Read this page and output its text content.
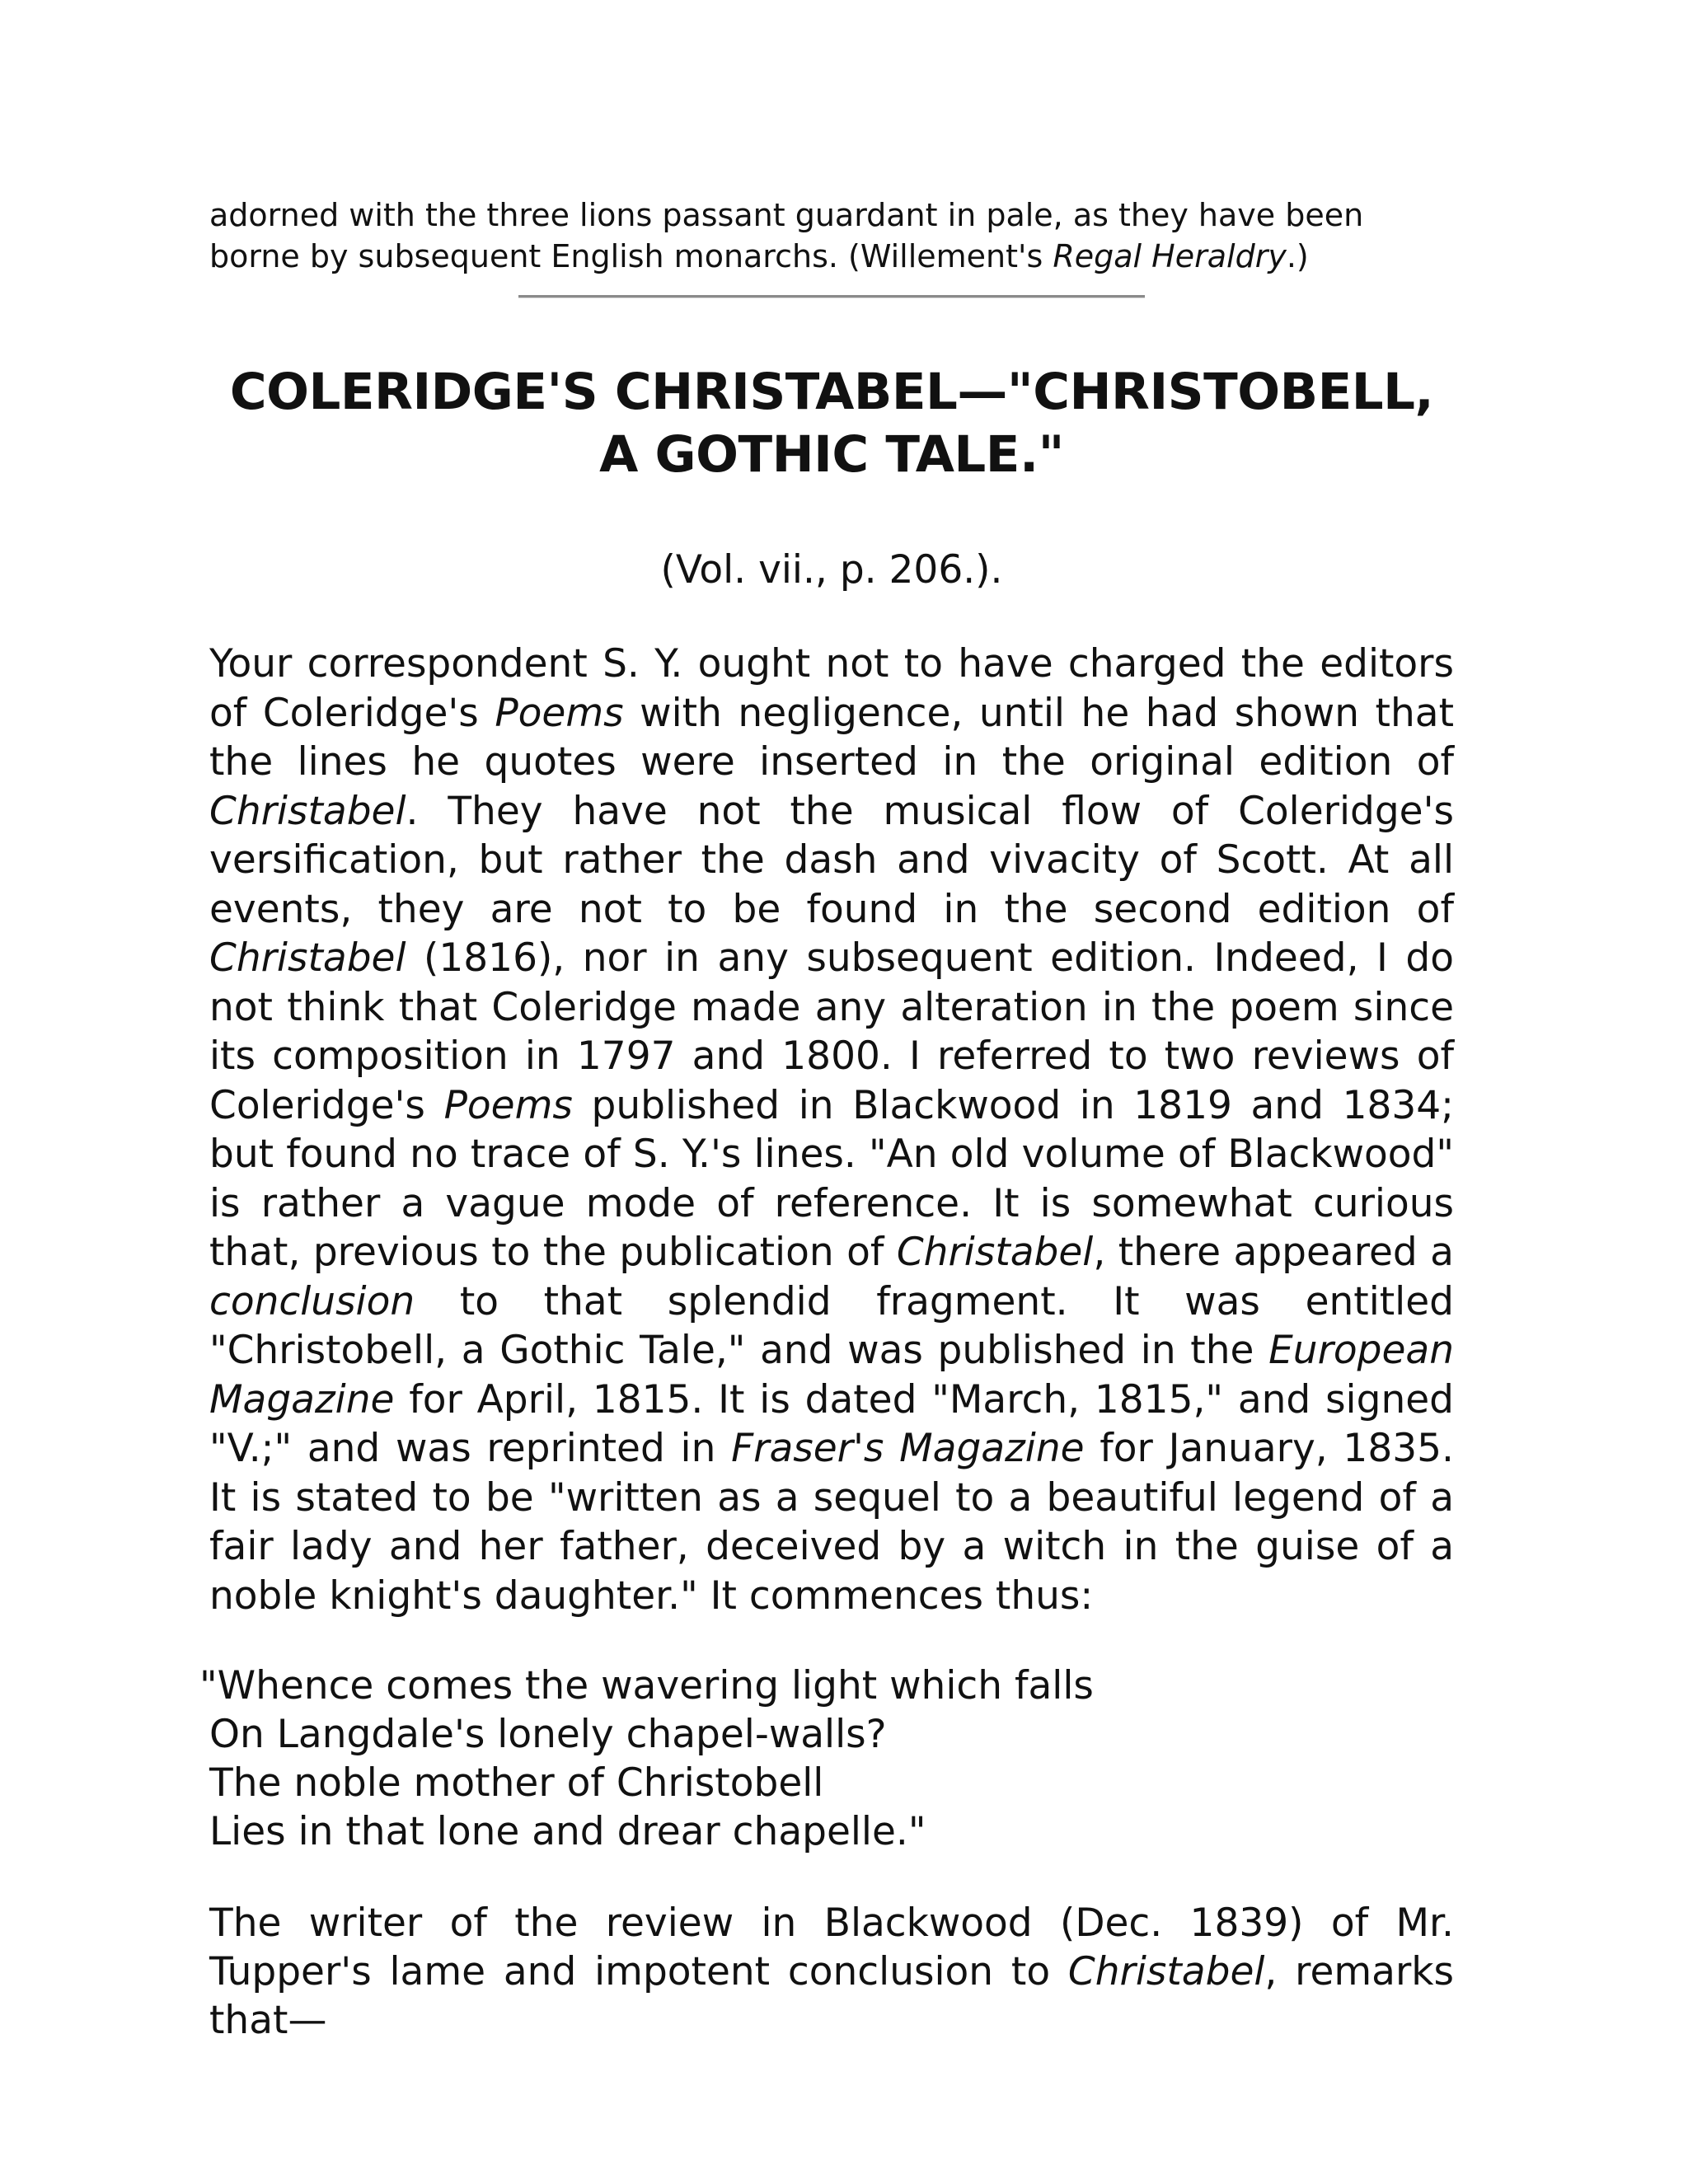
adorned with the three lions passant guardant in pale, as they have been borne by subsequent English monarchs. (Willement's Regal Heraldry.)

COLERIDGE'S CHRISTABEL—"CHRISTOBELL, A GOTHIC TALE."

(Vol. vii., p. 206.).

Your correspondent S. Y. ought not to have charged the editors of Coleridge's Poems with negligence, until he had shown that the lines he quotes were inserted in the original edition of Christabel. They have not the musical flow of Coleridge's versification, but rather the dash and vivacity of Scott. At all events, they are not to be found in the second edition of Christabel (1816), nor in any subsequent edition. Indeed, I do not think that Coleridge made any alteration in the poem since its composition in 1797 and 1800. I referred to two reviews of Coleridge's Poems published in Blackwood in 1819 and 1834; but found no trace of S. Y.'s lines. "An old volume of Blackwood" is rather a vague mode of reference. It is somewhat curious that, previous to the publication of Christabel, there appeared a conclusion to that splendid fragment. It was entitled "Christobell, a Gothic Tale," and was published in the European Magazine for April, 1815. It is dated "March, 1815," and signed "V.;" and was reprinted in Fraser's Magazine for January, 1835. It is stated to be "written as a sequel to a beautiful legend of a fair lady and her father, deceived by a witch in the guise of a noble knight's daughter." It commences thus:

"Whence comes the wavering light which falls
On Langdale's lonely chapel-walls?
The noble mother of Christobell
Lies in that lone and drear chapelle."

The writer of the review in Blackwood (Dec. 1839) of Mr. Tupper's lame and impotent conclusion to Christabel, remarks that—
